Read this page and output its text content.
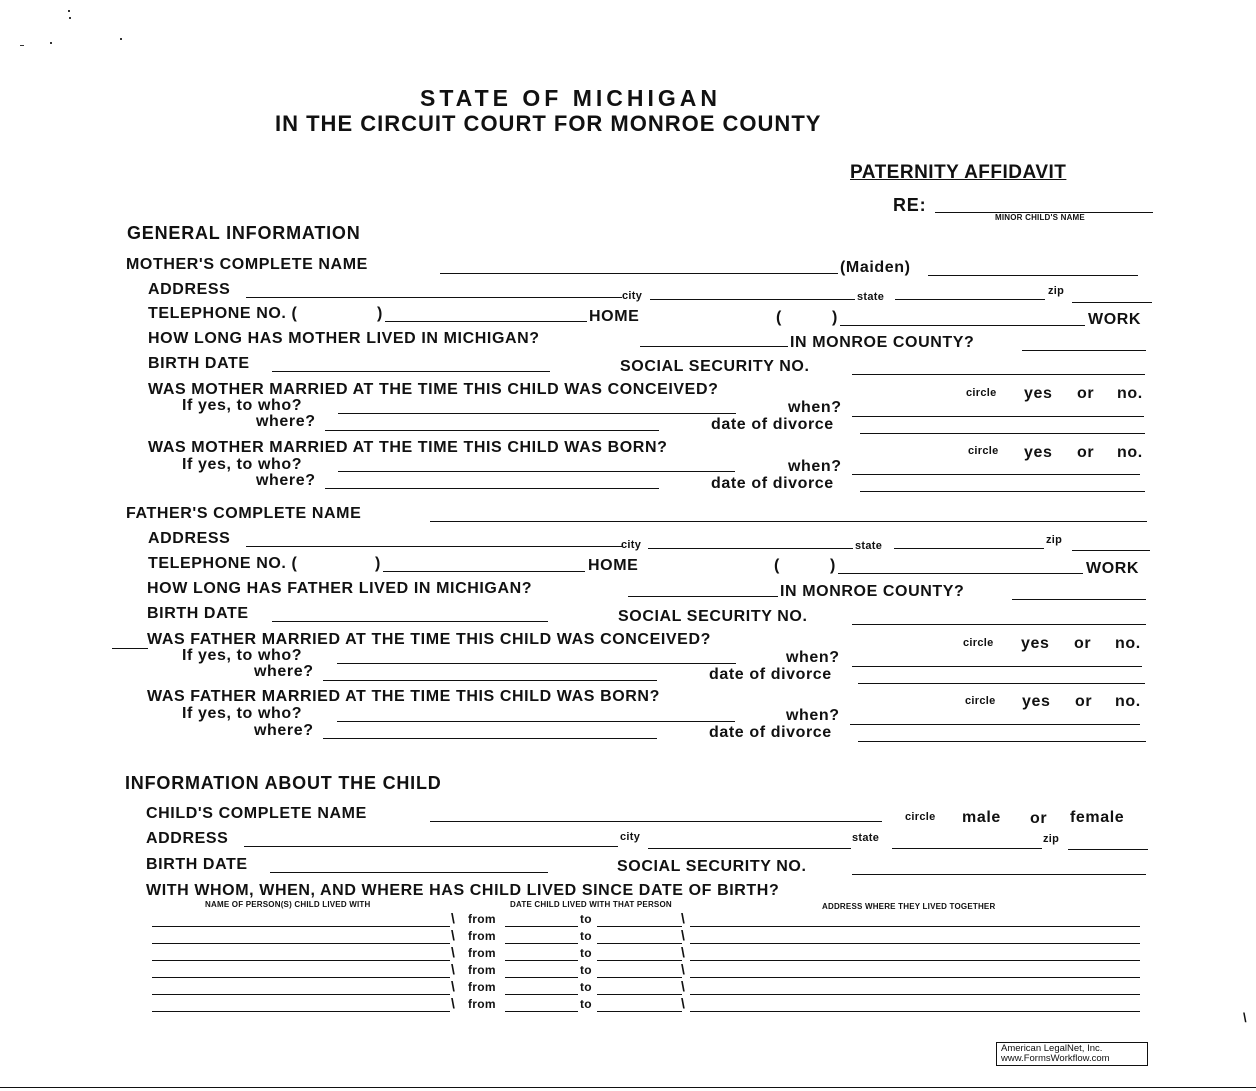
STATE OF MICHIGAN
IN THE CIRCUIT COURT FOR MONROE COUNTY
PATERNITY AFFIDAVIT
RE:
MINOR CHILD'S NAME
GENERAL INFORMATION
MOTHER'S COMPLETE NAME	(Maiden)
ADDRESS	city	state	zip
TELEPHONE NO. (	)	HOME	(	)	WORK
HOW LONG HAS MOTHER LIVED IN MICHIGAN?	IN MONROE COUNTY?
BIRTH DATE	SOCIAL SECURITY NO.
WAS MOTHER MARRIED AT THE TIME THIS CHILD WAS CONCEIVED?	circle yes or no.
If yes, to who?	when?
where?	date of divorce
WAS MOTHER MARRIED AT THE TIME THIS CHILD WAS BORN?	circle yes or no.
If yes, to who?	when?
where?	date of divorce
FATHER'S COMPLETE NAME
ADDRESS	city	state	zip
TELEPHONE NO. (	)	HOME	(	)	WORK
HOW LONG HAS FATHER LIVED IN MICHIGAN?	IN MONROE COUNTY?
BIRTH DATE	SOCIAL SECURITY NO.
WAS FATHER MARRIED AT THE TIME THIS CHILD WAS CONCEIVED?	circle yes or no.
If yes, to who?	when?
where?	date of divorce
WAS FATHER MARRIED AT THE TIME THIS CHILD WAS BORN?	circle yes or no.
If yes, to who?	when?
where?	date of divorce
INFORMATION ABOUT THE CHILD
CHILD'S COMPLETE NAME	circle male or female
ADDRESS	city	state	zip
BIRTH DATE	SOCIAL SECURITY NO.
WITH WHOM, WHEN, AND WHERE HAS CHILD LIVED SINCE DATE OF BIRTH?
NAME OF PERSON(S) CHILD LIVED WITH	DATE CHILD LIVED WITH THAT PERSON	ADDRESS WHERE THEY LIVED TOGETHER
\ from	to	\
\ from	to	\
\ from	to	\
\ from	to	\
\ from	to	\
\ from	to	\
\
American LegalNet, Inc.
www.FormsWorkflow.com
